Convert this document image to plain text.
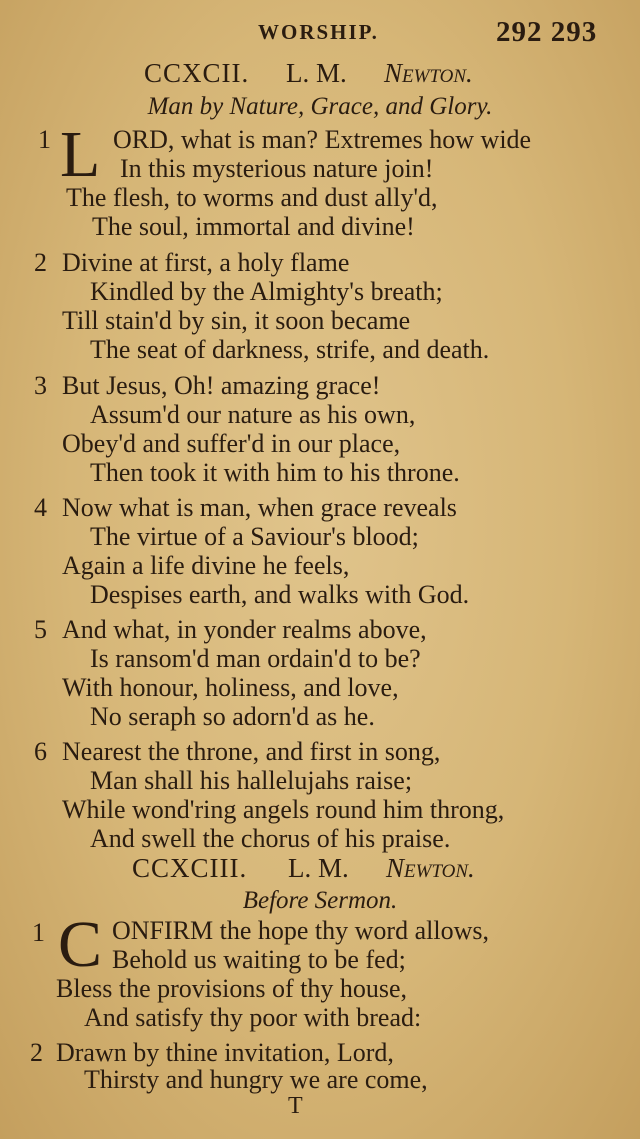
WORSHIP.	292 293
CCXCII. L. M. Newton.
Man by Nature, Grace, and Glory.
1 L ORD, what is man? Extremes how wide
In this mysterious nature join!
The flesh, to worms and dust ally'd,
The soul, immortal and divine!
2 Divine at first, a holy flame
Kindled by the Almighty's breath;
Till stain'd by sin, it soon became
The seat of darkness, strife, and death.
3 But Jesus, Oh! amazing grace!
Assum'd our nature as his own,
Obey'd and suffer'd in our place,
Then took it with him to his throne.
4 Now what is man, when grace reveals
The virtue of a Saviour's blood;
Again a life divine he feels,
Despises earth, and walks with God.
5 And what, in yonder realms above,
Is ransom'd man ordain'd to be?
With honour, holiness, and love,
No seraph so adorn'd as he.
6 Nearest the throne, and first in song,
Man shall his hallelujahs raise;
While wond'ring angels round him throng,
And swell the chorus of his praise.
CCXCIII. L. M. Newton.
Before Sermon.
1 C ONFIRM the hope thy word allows,
Behold us waiting to be fed;
Bless the provisions of thy house,
And satisfy thy poor with bread:
2 Drawn by thine invitation, Lord,
Thirsty and hungry we are come,
T
